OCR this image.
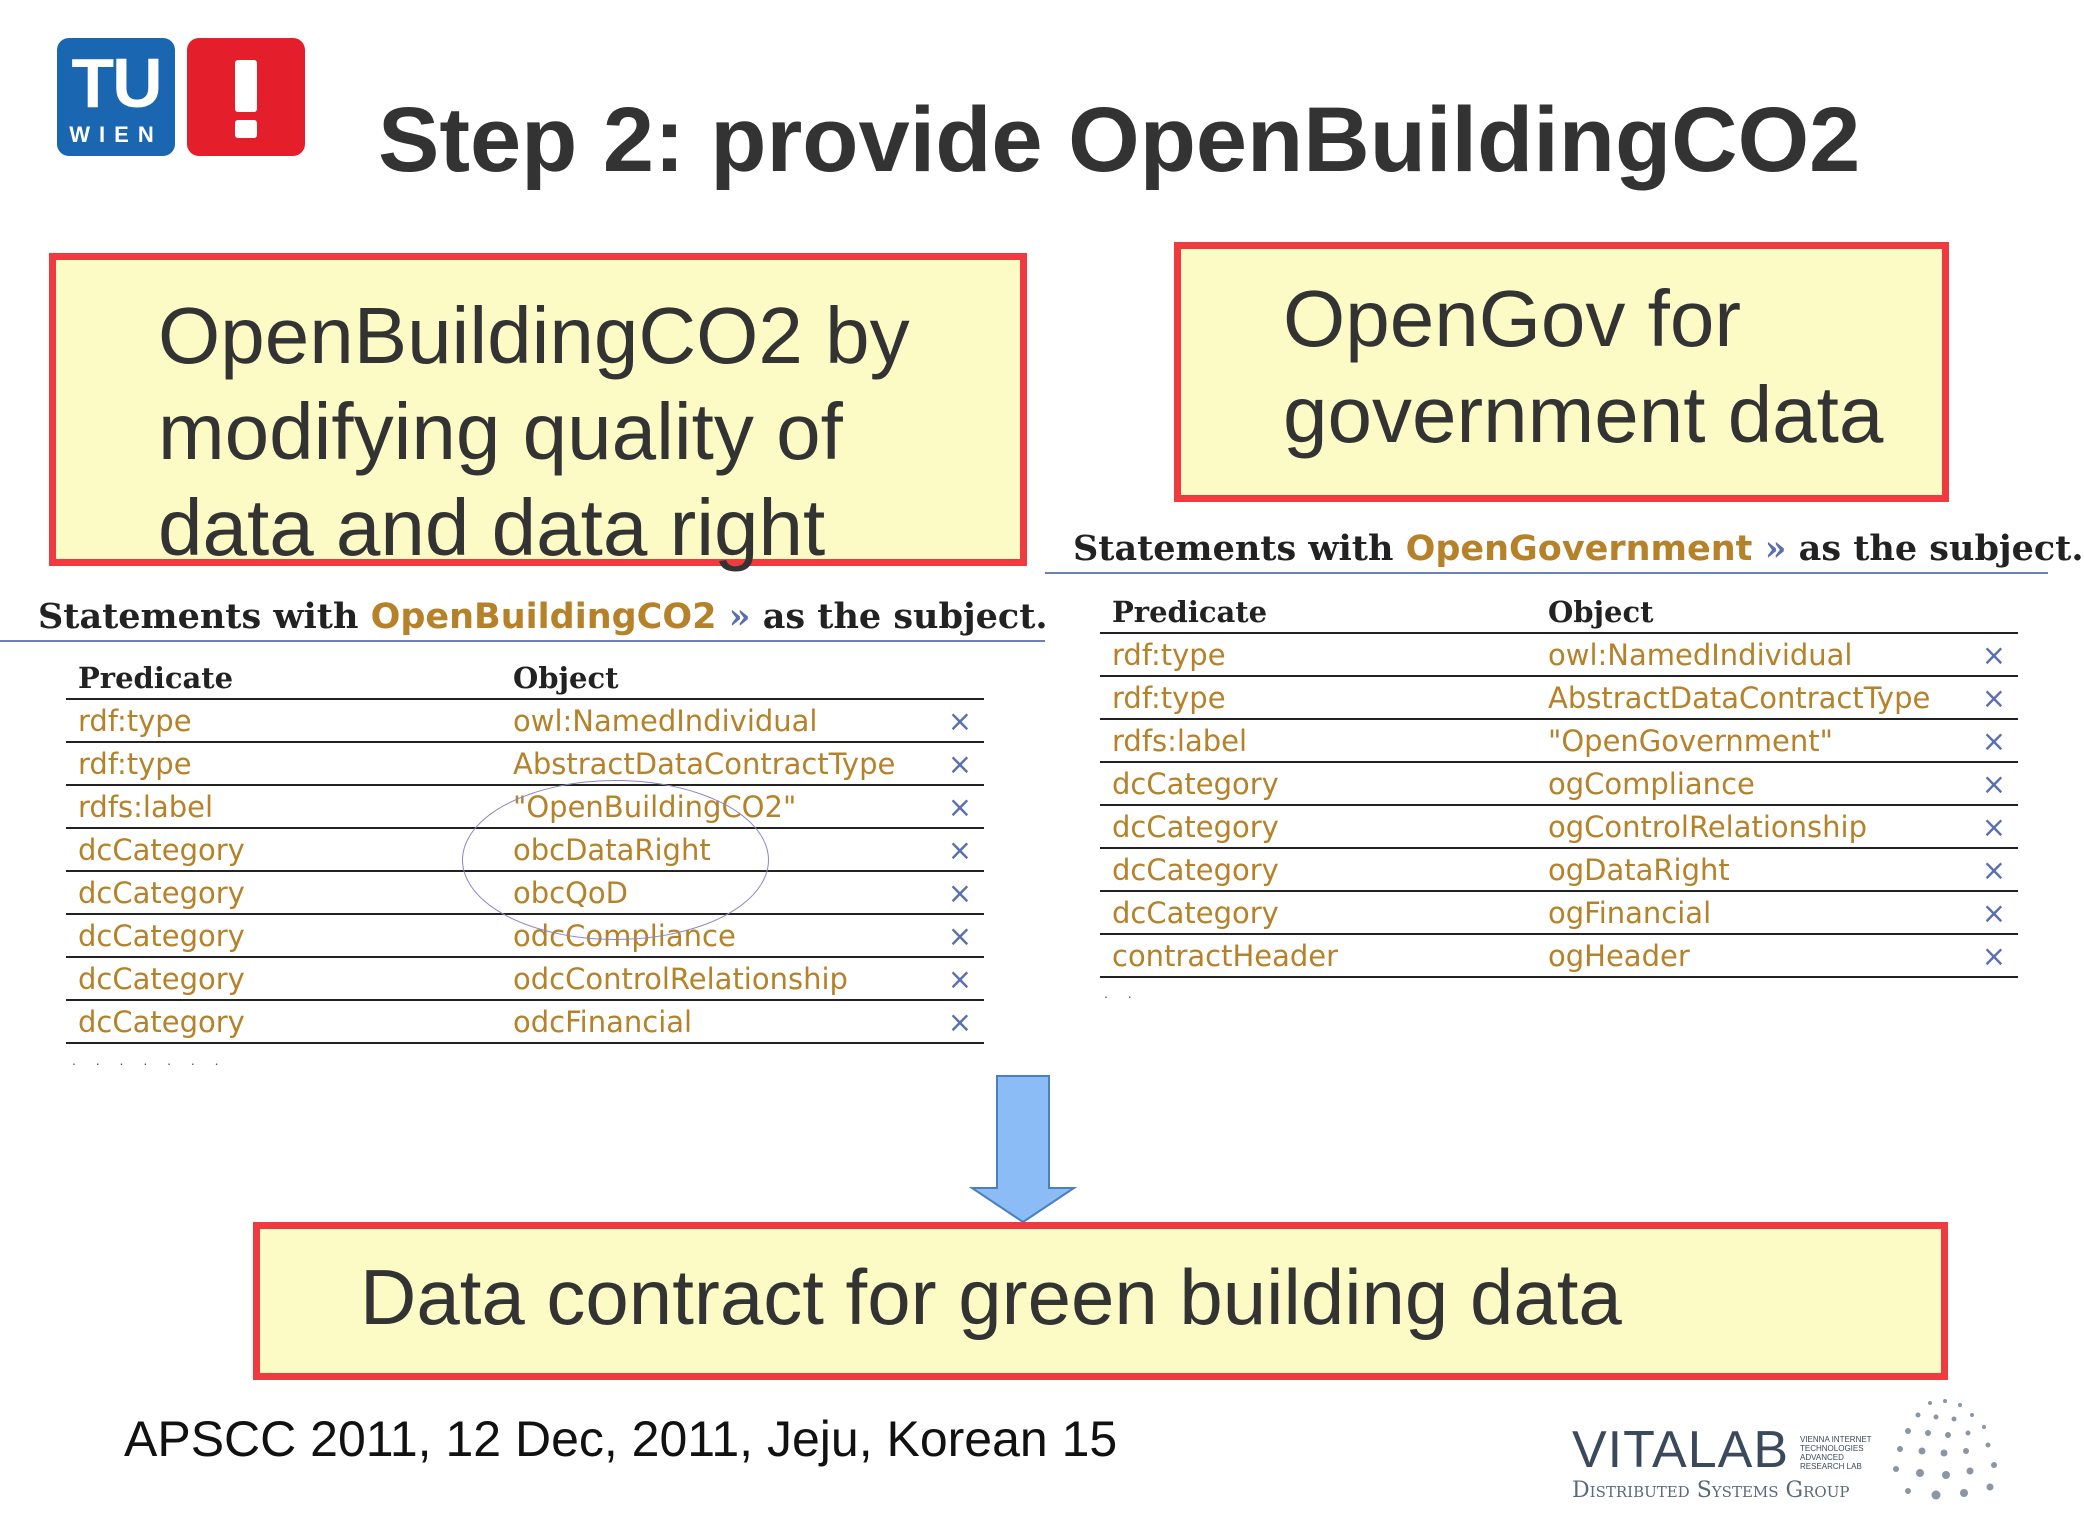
TU
WIEN Step 2: provide OpenBuildingCO2
OpenBuildingCO2 by
modifying quality of
data and data right
OpenGov for
government data
Statements with OpenBuildingCO2 » as the subject.
Predicate	Object	
rdf:type	owl:NamedIndividual	×
rdf:type	AbstractDataContractType	×
rdfs:label	"OpenBuildingCO2"	×
dcCategory	obcDataRight	×
dcCategory	obcQoD	×
dcCategory	odcCompliance	×
dcCategory	odcControlRelationship	×
dcCategory	odcFinancial	×
. . . . . . .
Statements with OpenGovernment » as the subject.
Predicate	Object	
rdf:type	owl:NamedIndividual	×
rdf:type	AbstractDataContractType	×
rdfs:label	"OpenGovernment"	×
dcCategory	ogCompliance	×
dcCategory	ogControlRelationship	×
dcCategory	ogDataRight	×
dcCategory	ogFinancial	×
contractHeader	ogHeader	×
. .
Data contract for green building data
APSCC 2011, 12 Dec, 2011, Jeju, Korean 15	VITALAB VIENNA INTERNET
TECHNOLOGIES
ADVANCED
RESEARCH LAB
Distributed Systems Group
